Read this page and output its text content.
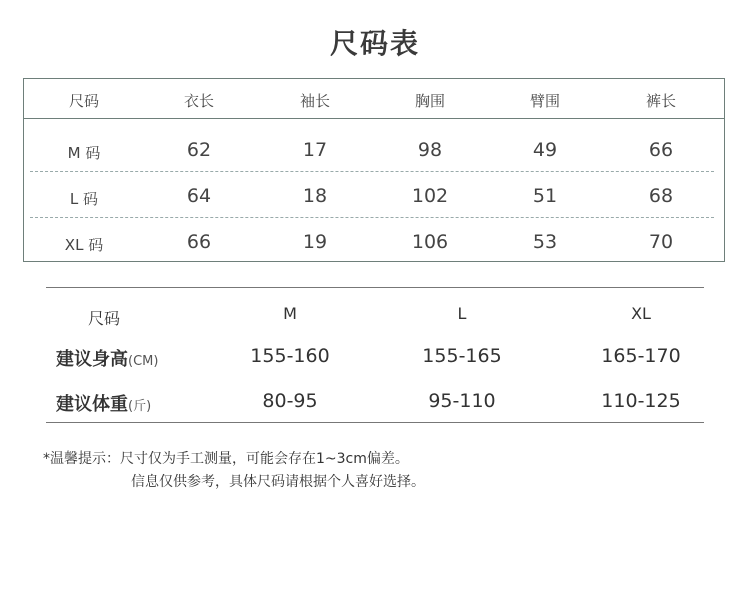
尺码表
尺码	衣长	袖长	胸围	臂围	裤长
M 码	62	17	98	49	66
L 码	64	18	102	51	68
XL 码	66	19	106	53	70
尺码	M	L	XL
建议身高(CM)	155-160	155-165	165-170
建议体重(斤)	80-95	95-110	110-125
*温馨提示：尺寸仅为手工测量，可能会存在1~3cm偏差。
信息仅供参考，具体尺码请根据个人喜好选择。
